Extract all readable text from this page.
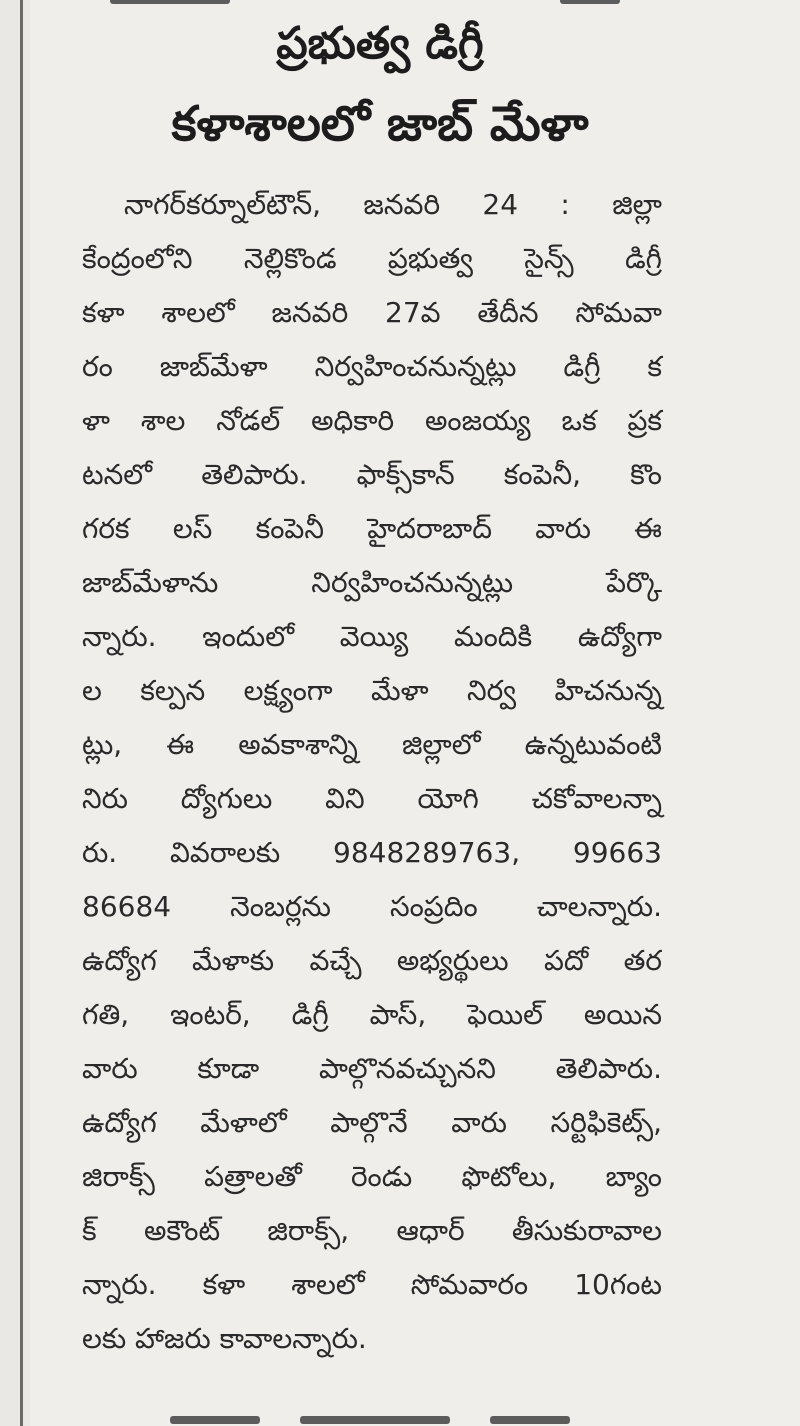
ప్రభుత్వ డిగ్రీ
కళాశాలలో జాబ్ మేళా
నాగర్‌కర్నూల్‌టౌన్, జనవరి 24 : జిల్లా
కేంద్రంలోని నెల్లికొండ ప్రభుత్వ సైన్స్ డిగ్రీ
కళా శాలలో జనవరి 27వ తేదీన సోమవా
రం జాబ్‌మేళా నిర్వహించనున్నట్లు డిగ్రీ క
ళా శాల నోడల్ అధికారి అంజయ్య ఒక ప్రక
టనలో తెలిపారు. ఫాక్స్‌కాన్ కంపెనీ, కొం
గరక లస్ కంపెనీ హైదరాబాద్ వారు ఈ
జాబ్‌మేళాను నిర్వహించనున్నట్లు పేర్కొ
న్నారు. ఇందులో వెయ్యి మందికి ఉద్యోగా
ల కల్పన లక్ష్యంగా మేళా నిర్వ హిచనున్న
ట్లు, ఈ అవకాశాన్ని జిల్లాలో ఉన్నటువంటి
నిరు ద్యోగులు విని యోగి చకోవాలన్నా
రు. వివరాలకు 9848289763, 99663
86684 నెంబర్లను సంప్రదిం చాలన్నారు.
ఉద్యోగ మేళాకు వచ్చే అభ్యర్థులు పదో తర
గతి, ఇంటర్, డిగ్రీ పాస్, ఫెయిల్ అయిన
వారు కూడా పాల్గొనవచ్చునని తెలిపారు.
ఉద్యోగ మేళాలో పాల్గొనే వారు సర్టిఫికెట్స్,
జిరాక్స్ పత్రాలతో రెండు ఫొటోలు, బ్యాం
క్ అకౌంట్ జిరాక్స్, ఆధార్ తీసుకురావాల
న్నారు. కళా శాలలో సోమవారం 10గంట
లకు హాజరు కావాలన్నారు.
